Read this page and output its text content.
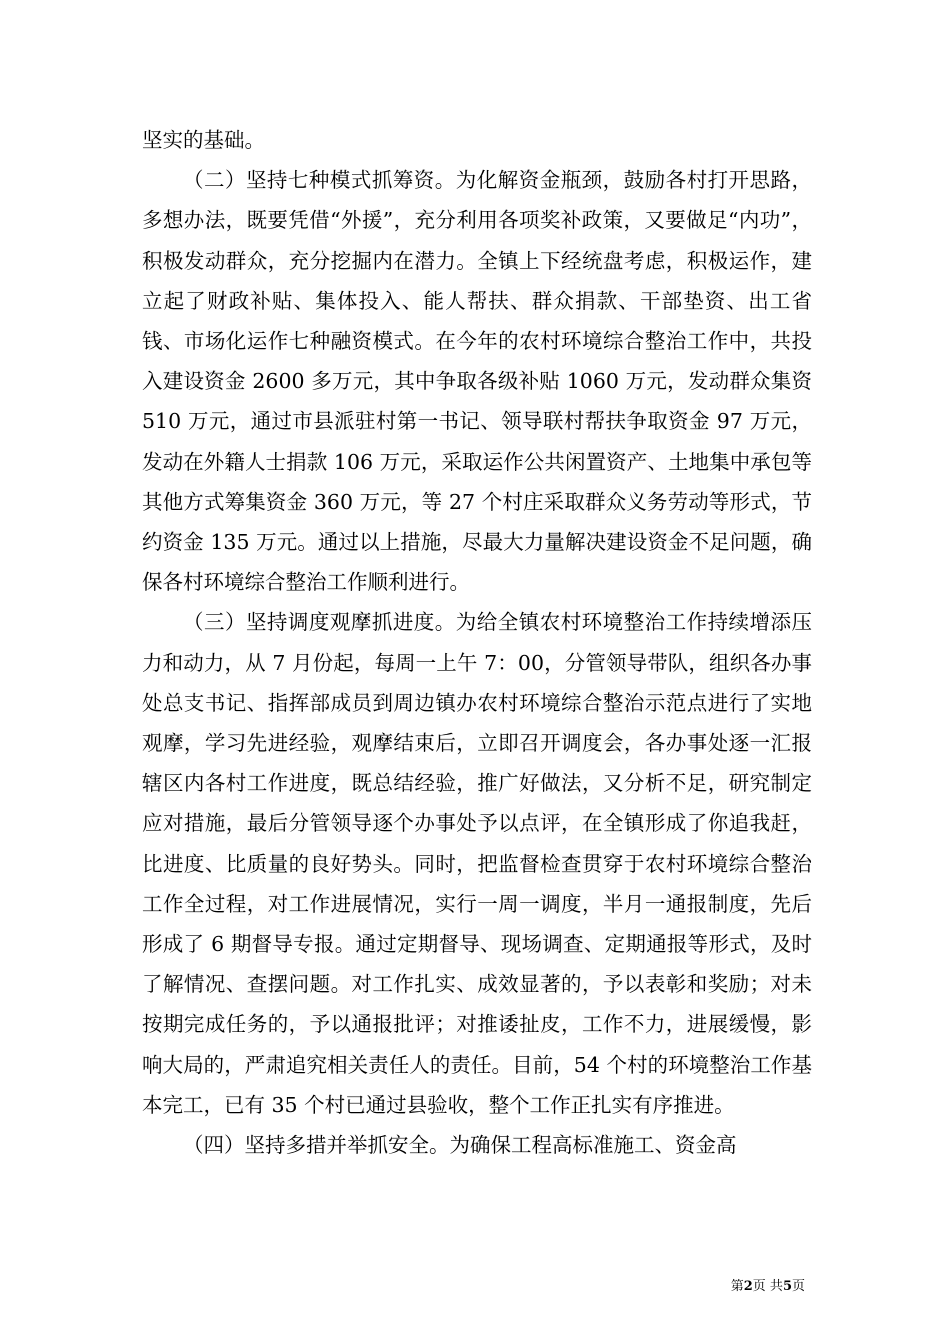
坚实的基础。

（二）坚持七种模式抓筹资。为化解资金瓶颈，鼓励各村打开思路，多想办法，既要凭借“外援”，充分利用各项奖补政策，又要做足“内功”，积极发动群众，充分挖掘内在潜力。全镇上下经统盘考虑，积极运作，建立起了财政补贴、集体投入、能人帮扶、群众捐款、干部垫资、出工省钱、市场化运作七种融资模式。在今年的农村环境综合整治工作中，共投入建设资金 2600 多万元，其中争取各级补贴 1060 万元，发动群众集资 510 万元，通过市县派驻村第一书记、领导联村帮扶争取资金 97 万元，发动在外籍人士捐款 106 万元，采取运作公共闲置资产、土地集中承包等其他方式筹集资金 360 万元，等 27 个村庄采取群众义务劳动等形式，节约资金 135 万元。通过以上措施，尽最大力量解决建设资金不足问题，确保各村环境综合整治工作顺利进行。

（三）坚持调度观摩抓进度。为给全镇农村环境整治工作持续增添压力和动力，从 7 月份起，每周一上午 7：00，分管领导带队，组织各办事处总支书记、指挥部成员到周边镇办农村环境综合整治示范点进行了实地观摩，学习先进经验，观摩结束后，立即召开调度会，各办事处逐一汇报辖区内各村工作进度，既总结经验，推广好做法，又分析不足，研究制定应对措施，最后分管领导逐个办事处予以点评，在全镇形成了你追我赶，比进度、比质量的良好势头。同时，把监督检查贯穿于农村环境综合整治工作全过程，对工作进展情况，实行一周一调度，半月一通报制度，先后形成了 6 期督导专报。通过定期督导、现场调查、定期通报等形式，及时了解情况、查摆问题。对工作扎实、成效显著的，予以表彰和奖励；对未按期完成任务的，予以通报批评；对推诿扯皮，工作不力，进展缓慢，影响大局的，严肃追究相关责任人的责任。目前，54 个村的环境整治工作基本完工，已有 35 个村已通过县验收，整个工作正扎实有序推进。

（四）坚持多措并举抓安全。为确保工程高标准施工、资金高

第2页 共5页
